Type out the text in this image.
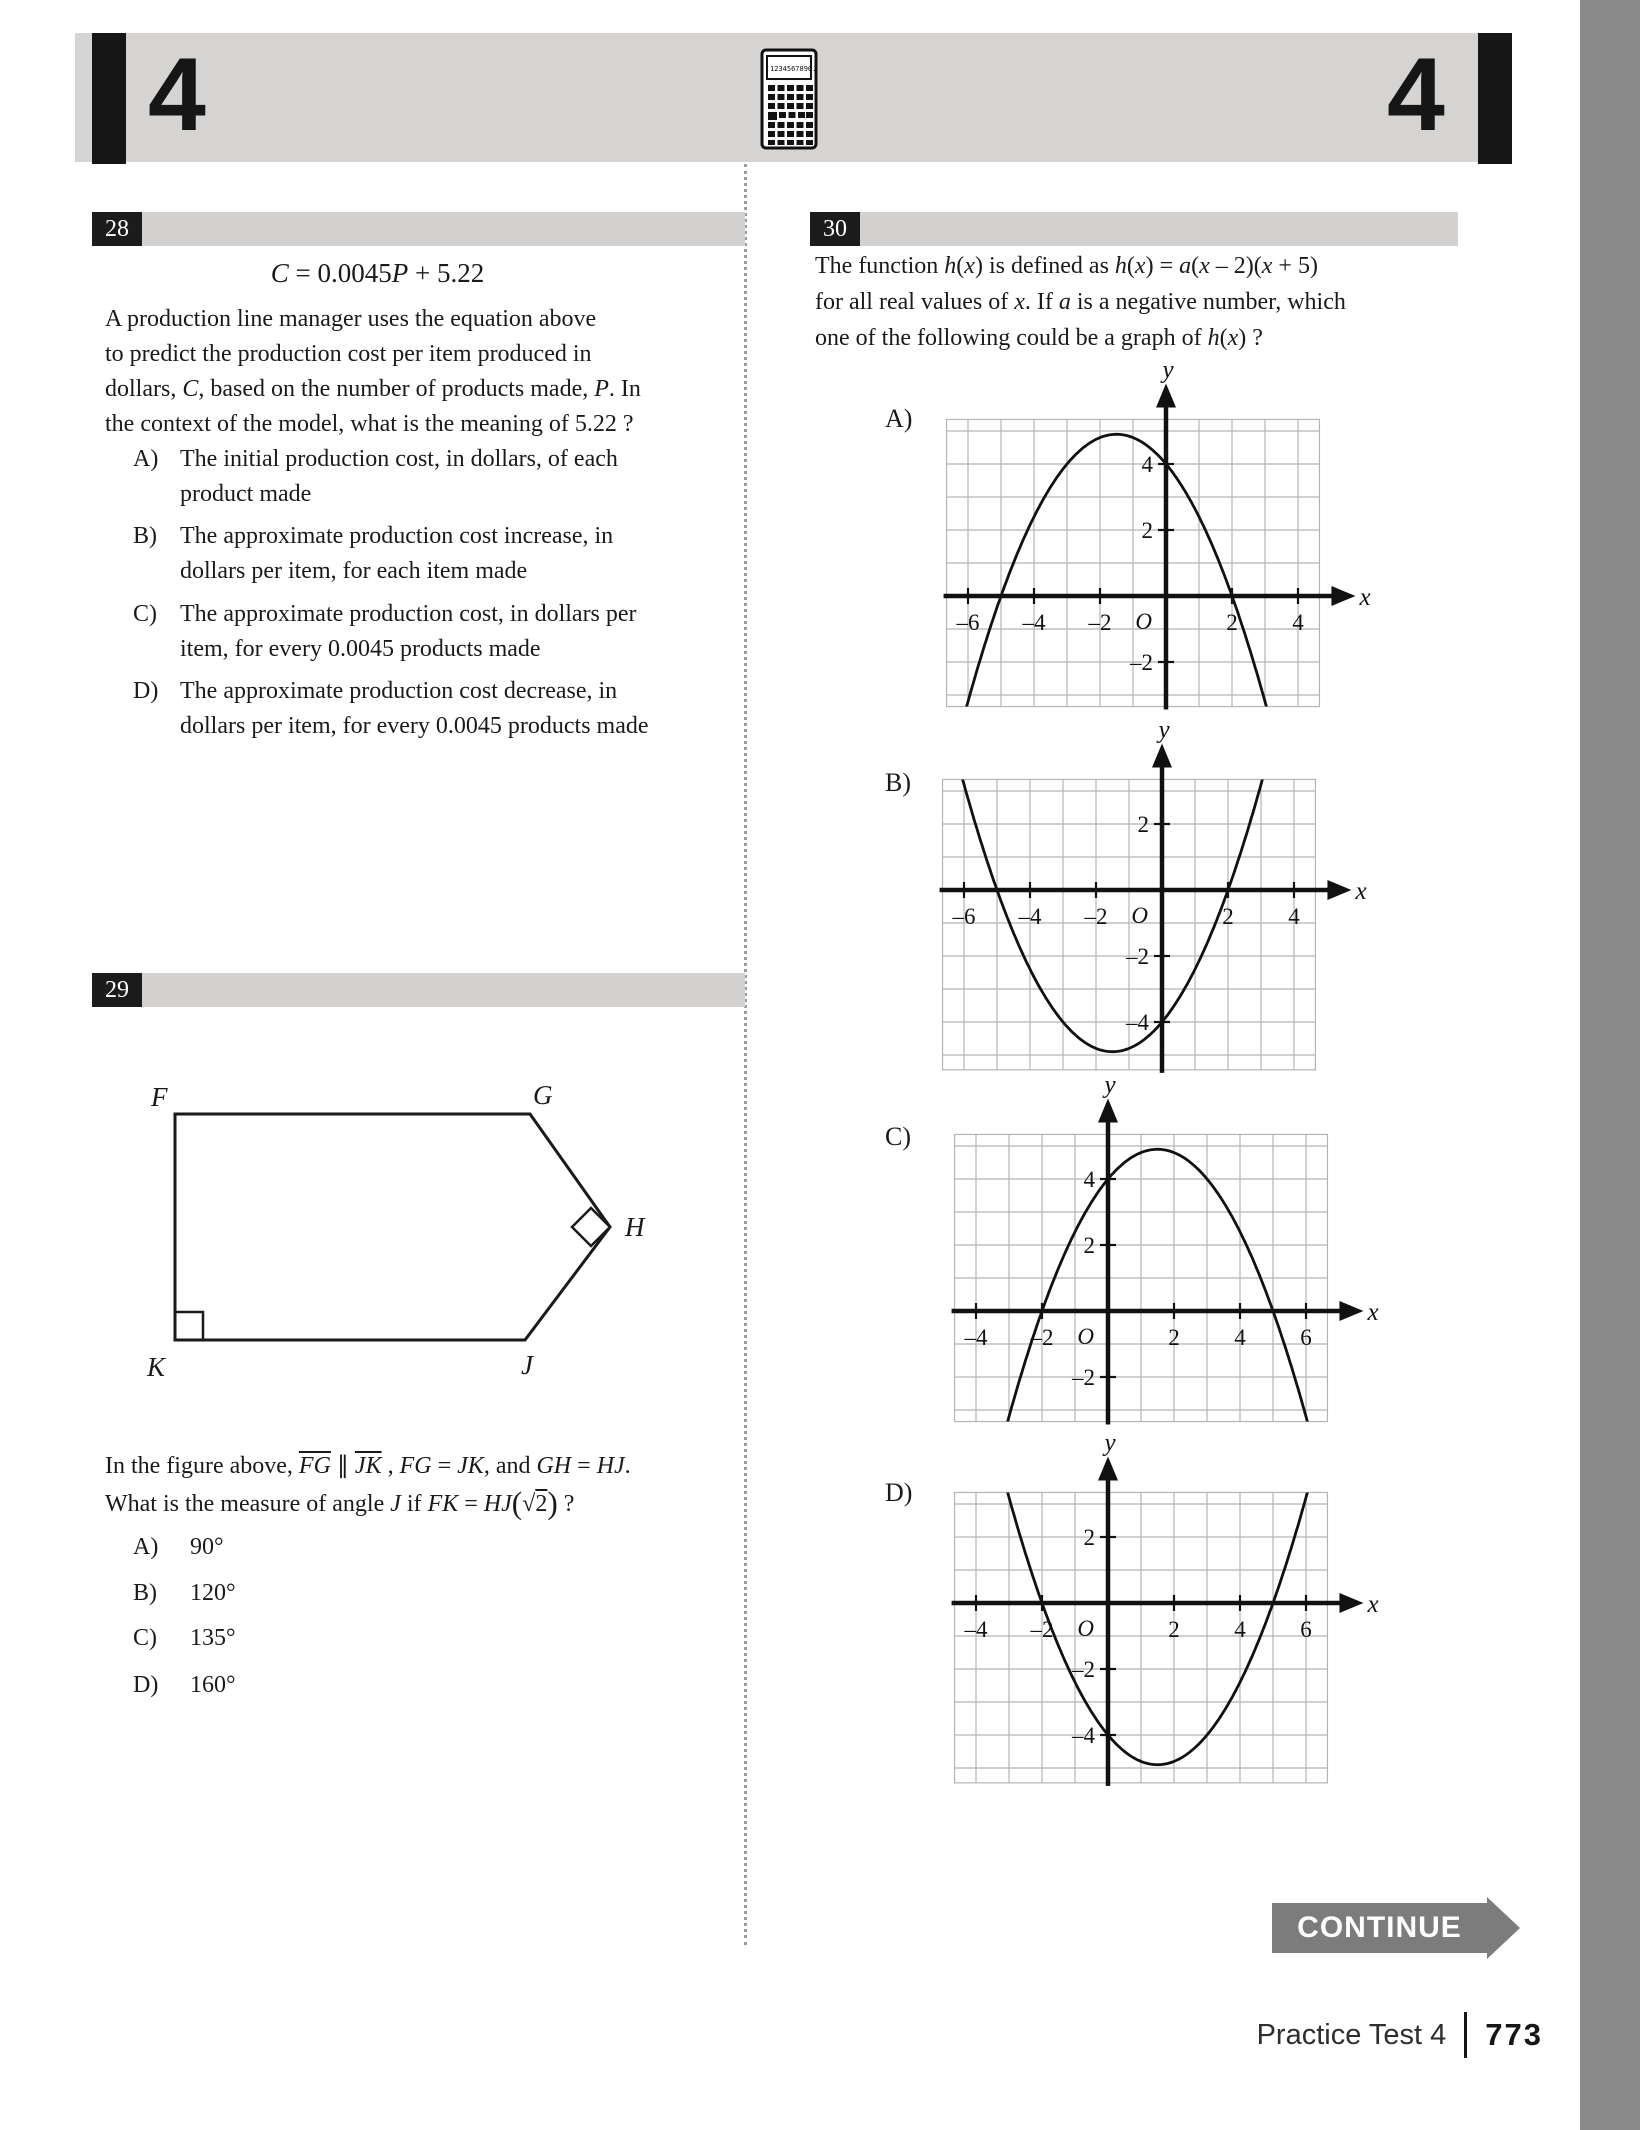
4	4
1234567890.
28
C = 0.0045P + 5.22
A production line manager uses the equation above
to predict the production cost per item produced in
dollars, C, based on the number of products made, P. In
the context of the model, what is the meaning of 5.22 ?
A) The initial production cost, in dollars, of each
product made
B) The approximate production cost increase, in
dollars per item, for each item made
C) The approximate production cost, in dollars per
item, for every 0.0045 products made
D) The approximate production cost decrease, in
dollars per item, for every 0.0045 products made
29
F	G
H
J
K
In the figure above, $\overline{FG}$ ∥ $\overline{JK}$ , FG = JK, and GH = HJ.
What is the measure of angle J if FK = HJ(√2) ?
A)	90°
B)	120°
C)	135°
D)	160°
30
The function h(x) is defined as h(x) = a(x – 2)(x + 5)
for all real values of x. If a is a negative number, which
one of the following could be a graph of h(x) ?
A)
B)
C)
D)
–6 –4 –2	2 4
4
2
–2
O
x
y
–6 –4 –2	2 4
2
–2
–4
O
x
y
–4 –2	2 4 6
4
2
–2
O
x
y
–4 –2	2 4 6
2
–2
–4
O
x
y
CONTINUE
Practice Test 4 773
